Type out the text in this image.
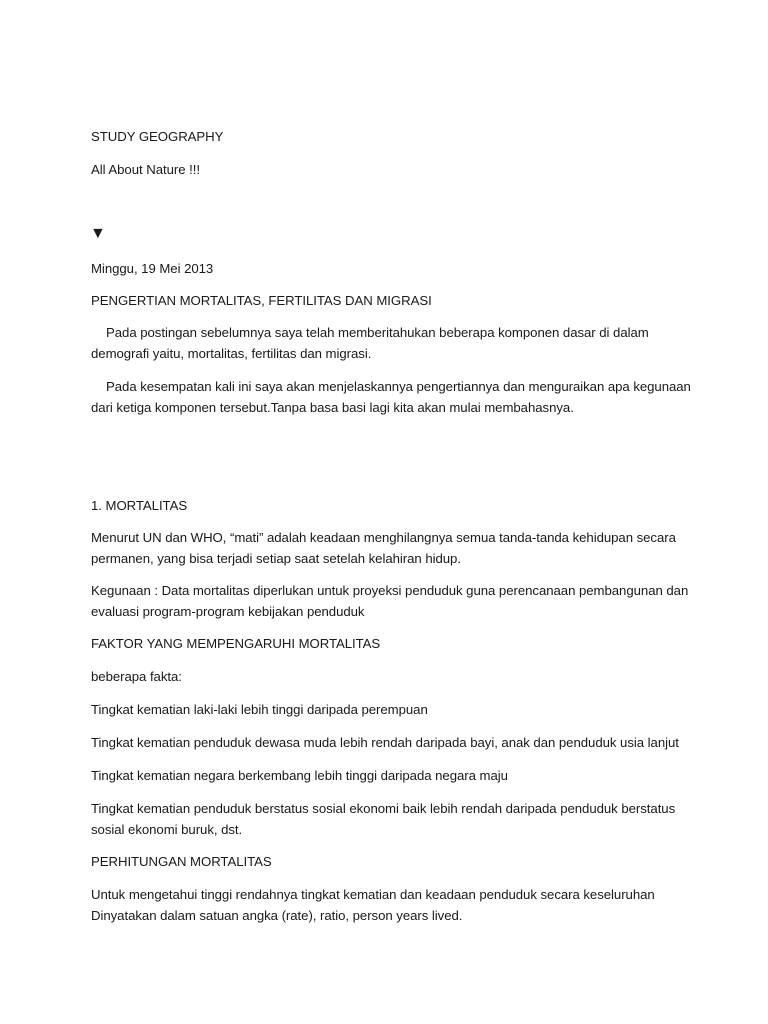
STUDY GEOGRAPHY
All About Nature !!!
▼
Minggu, 19 Mei 2013
PENGERTIAN MORTALITAS, FERTILITAS DAN MIGRASI
Pada postingan sebelumnya saya telah memberitahukan beberapa komponen dasar di dalam
demografi yaitu, mortalitas, fertilitas dan migrasi.
Pada kesempatan kali ini saya akan menjelaskannya pengertiannya dan menguraikan apa kegunaan
dari ketiga komponen tersebut.Tanpa basa basi lagi kita akan mulai membahasnya.
1. MORTALITAS
Menurut UN dan WHO, “mati” adalah keadaan menghilangnya semua tanda-tanda kehidupan secara
permanen, yang bisa terjadi setiap saat setelah kelahiran hidup.
Kegunaan : Data mortalitas diperlukan untuk proyeksi penduduk guna perencanaan pembangunan dan
evaluasi program-program kebijakan penduduk
FAKTOR YANG MEMPENGARUHI MORTALITAS
beberapa fakta:
Tingkat kematian laki-laki lebih tinggi daripada perempuan
Tingkat kematian penduduk dewasa muda lebih rendah daripada bayi, anak dan penduduk usia lanjut
Tingkat kematian negara berkembang lebih tinggi daripada negara maju
Tingkat kematian penduduk berstatus sosial ekonomi baik lebih rendah daripada penduduk berstatus
sosial ekonomi buruk, dst.
PERHITUNGAN MORTALITAS
Untuk mengetahui tinggi rendahnya tingkat kematian dan keadaan penduduk secara keseluruhan
Dinyatakan dalam satuan angka (rate), ratio, person years lived.
